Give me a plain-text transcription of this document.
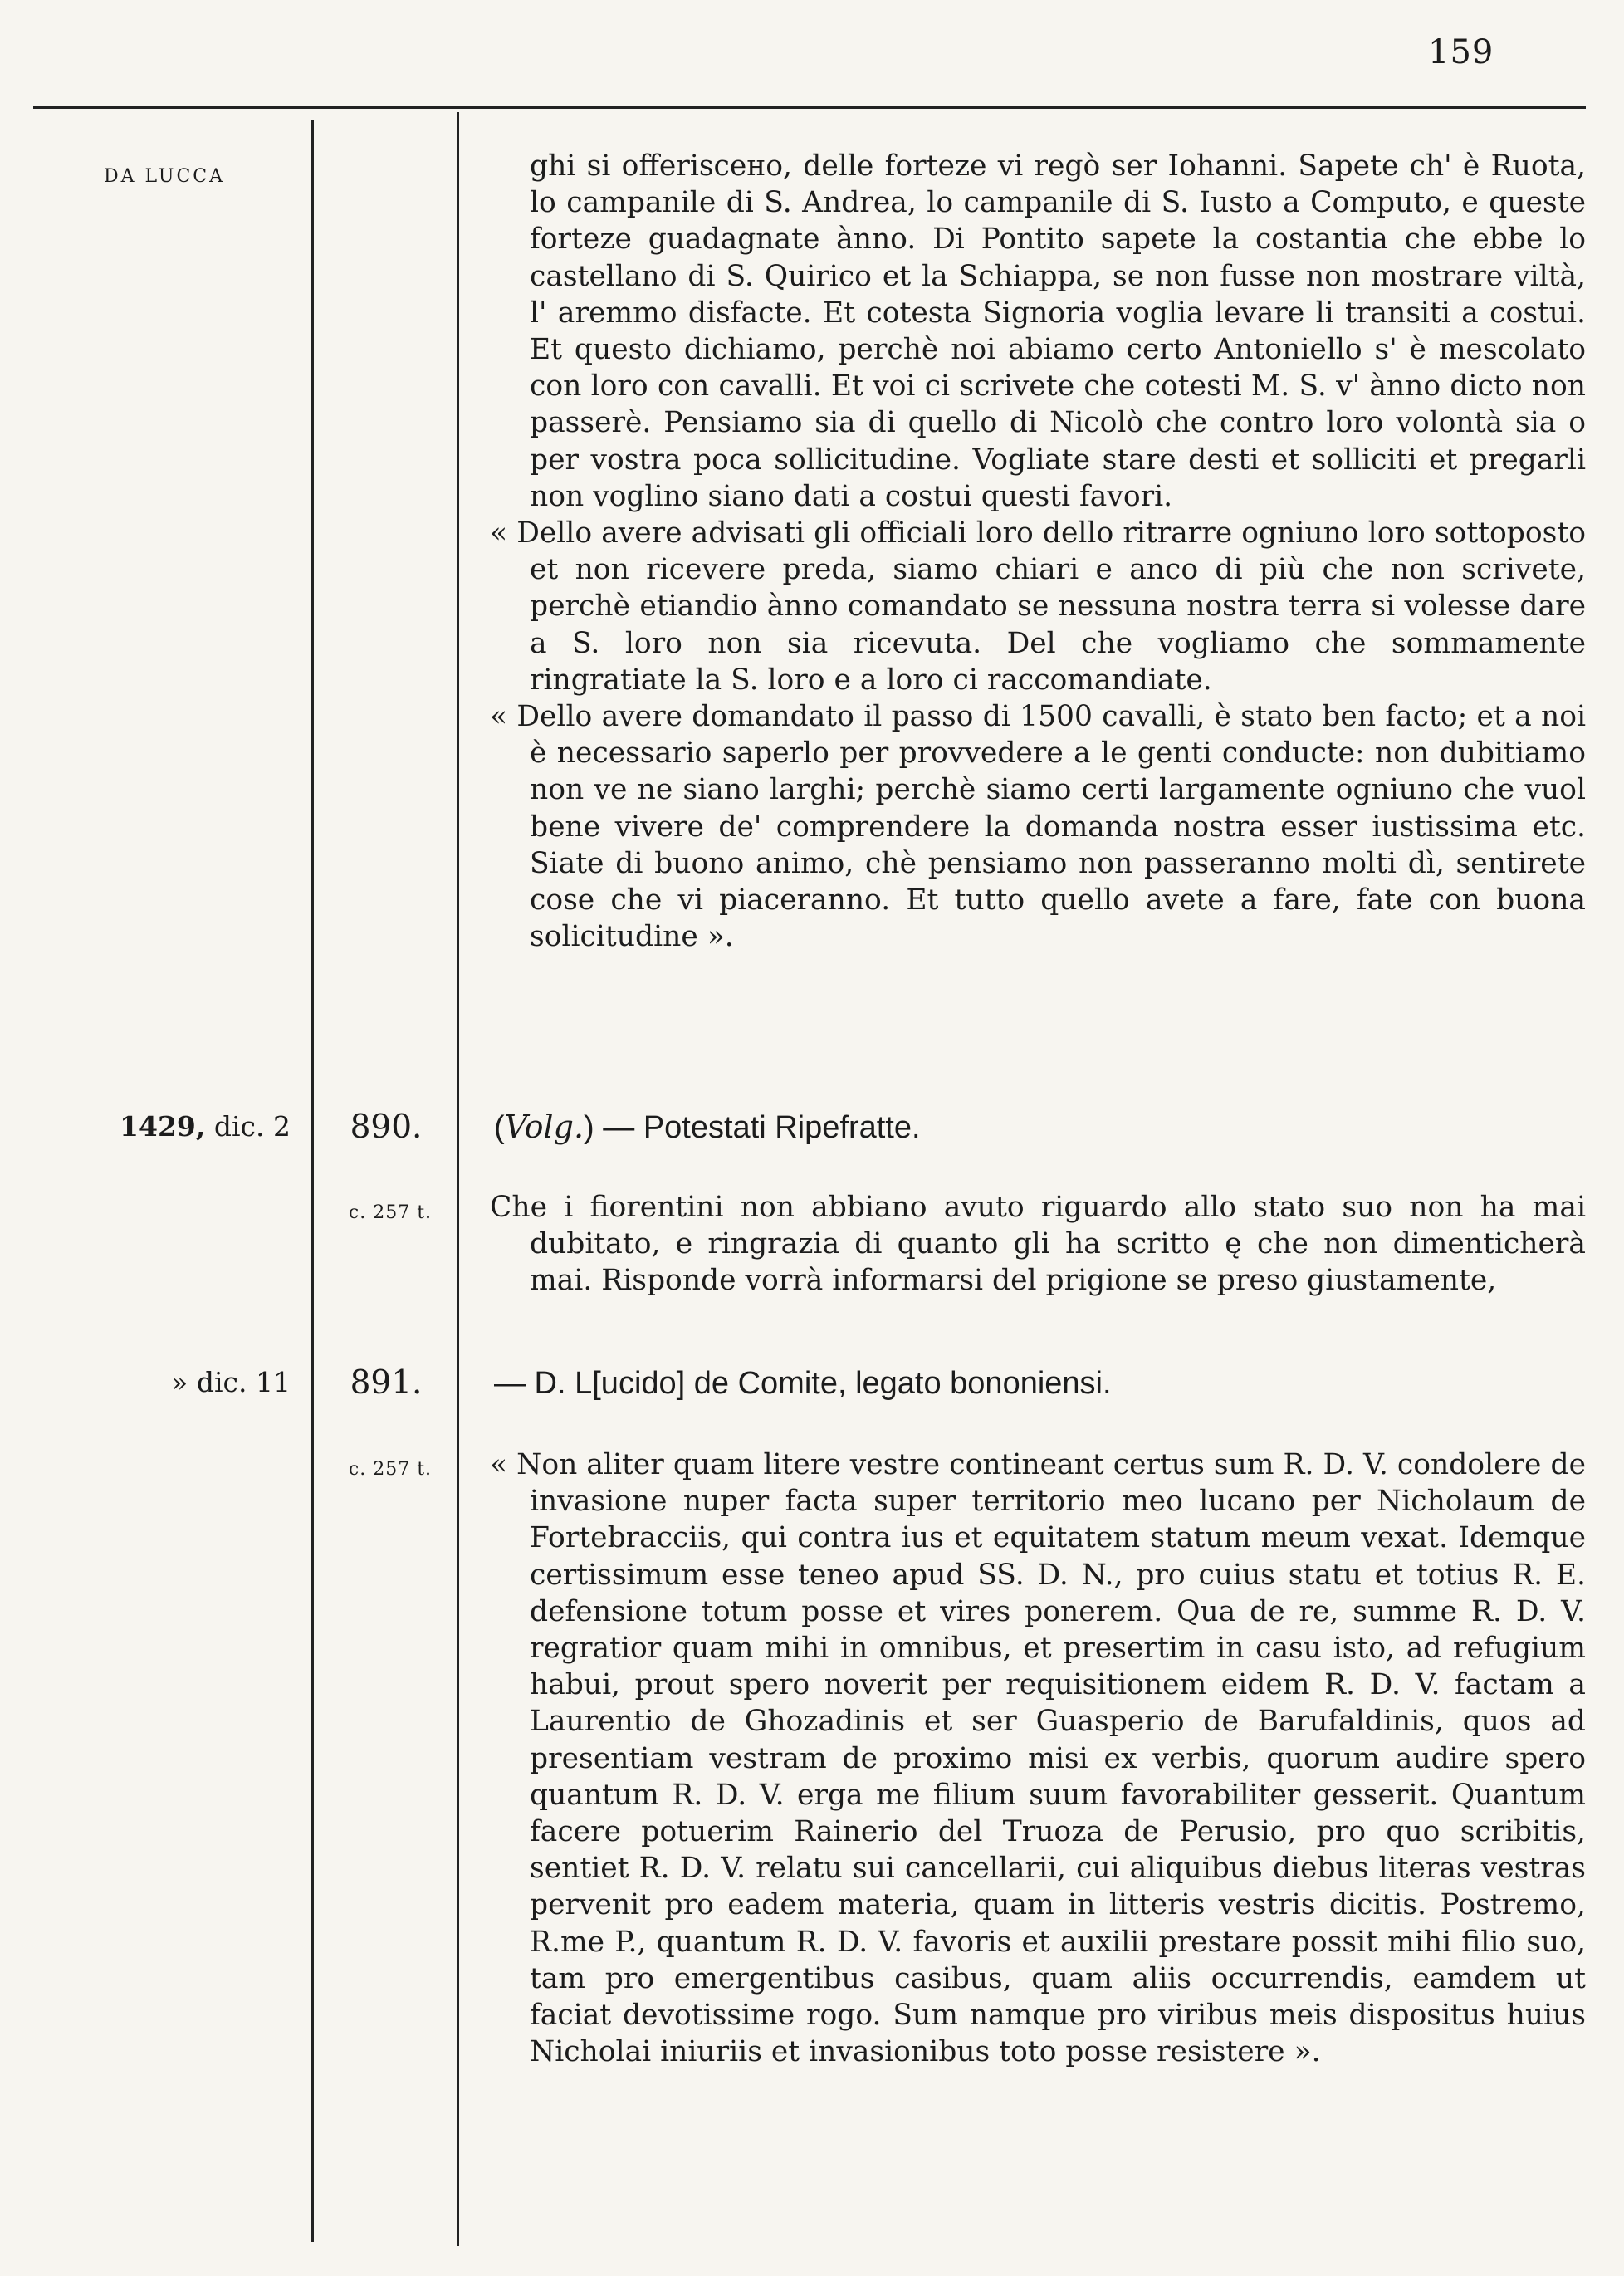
159
DA LUCCA	ghi si offeriscено, delle forteze vi regò ser Iohanni. Sapete ch' è Ruota, lo campanile di S. Andrea, lo campanile di S. Iusto a Computo, e queste forteze guadagnate ànno. Di Pontito sapete la costantia che ebbe lo castellano di S. Quirico et la Schiappa, se non fusse non mostrare viltà, l' aremmo disfacte. Et cotesta Signoria voglia levare li transiti a costui. Et questo dichiamo, perchè noi abiamo certo Antoniello s' è mescolato con loro con cavalli. Et voi ci scrivete che cotesti M. S. v' ànno dicto non passerè. Pensiamo sia di quello di Nicolò che contro loro volontà sia o per vostra poca sollicitudine. Vogliate stare desti et solliciti et pregarli non voglino siano dati a costui questi favori.

« Dello avere advisati gli officiali loro dello ritrarre ogniuno loro sottoposto et non ricevere preda, siamo chiari e anco di più che non scrivete, perchè etiandio ànno comandato se nessuna nostra terra si volesse dare a S. loro non sia ricevuta. Del che vogliamo che sommamente ringratiate la S. loro e a loro ci raccomandiate.

« Dello avere domandato il passo di 1500 cavalli, è stato ben facto; et a noi è necessario saperlo per provvedere a le genti conducte: non dubitiamo non ve ne siano larghi; perchè siamo certi largamente ogniuno che vuol bene vivere de' comprendere la domanda nostra esser iustissima etc. Siate di buono animo, chè pensiamo non passeranno molti dì, sentirete cose che vi piaceranno. Et tutto quello avete a fare, fate con buona solicitudine ».

1429, dic. 2	890.	(Volg.) — Potestati Ripefratte.
c. 257 t.	Che i fiorentini non abbiano avuto riguardo allo stato suo non ha mai dubitato, e ringrazia di quanto gli ha scritto ę che non dimenticherà mai. Risponde vorrà informarsi del prigione se preso giustamente,

» dic. 11	891.	— D. L[ucido] de Comite, legato bononiensi.
c. 257 t.	« Non aliter quam litere vestre contineant certus sum R. D. V. condolere de invasione nuper facta super territorio meo lucano per Nicholaum de Fortebracciis, qui contra ius et equitatem statum meum vexat. Idemque certissimum esse teneo apud SS. D. N., pro cuius statu et totius R. E. defensione totum posse et vires ponerem. Qua de re, summe R. D. V. regratior quam mihi in omnibus, et presertim in casu isto, ad refugium habui, prout spero noverit per requisitionem eidem R. D. V. factam a Laurentio de Ghozadinis et ser Guasperio de Barufaldinis, quos ad presentiam vestram de proximo misi ex verbis, quorum audire spero quantum R. D. V. erga me filium suum favorabiliter gesserit. Quantum facere potuerim Rainerio del Truoza de Perusio, pro quo scribitis, sentiet R. D. V. relatu sui cancellarii, cui aliquibus diebus literas vestras pervenit pro eadem materia, quam in litteris vestris dicitis. Postremo, R.me P., quantum R. D. V. favoris et auxilii prestare possit mihi filio suo, tam pro emergentibus casibus, quam aliis occurrendis, eamdem ut faciat devotissime rogo. Sum namque pro viribus meis dispositus huius Nicholai iniuriis et invasionibus toto posse resistere ».
